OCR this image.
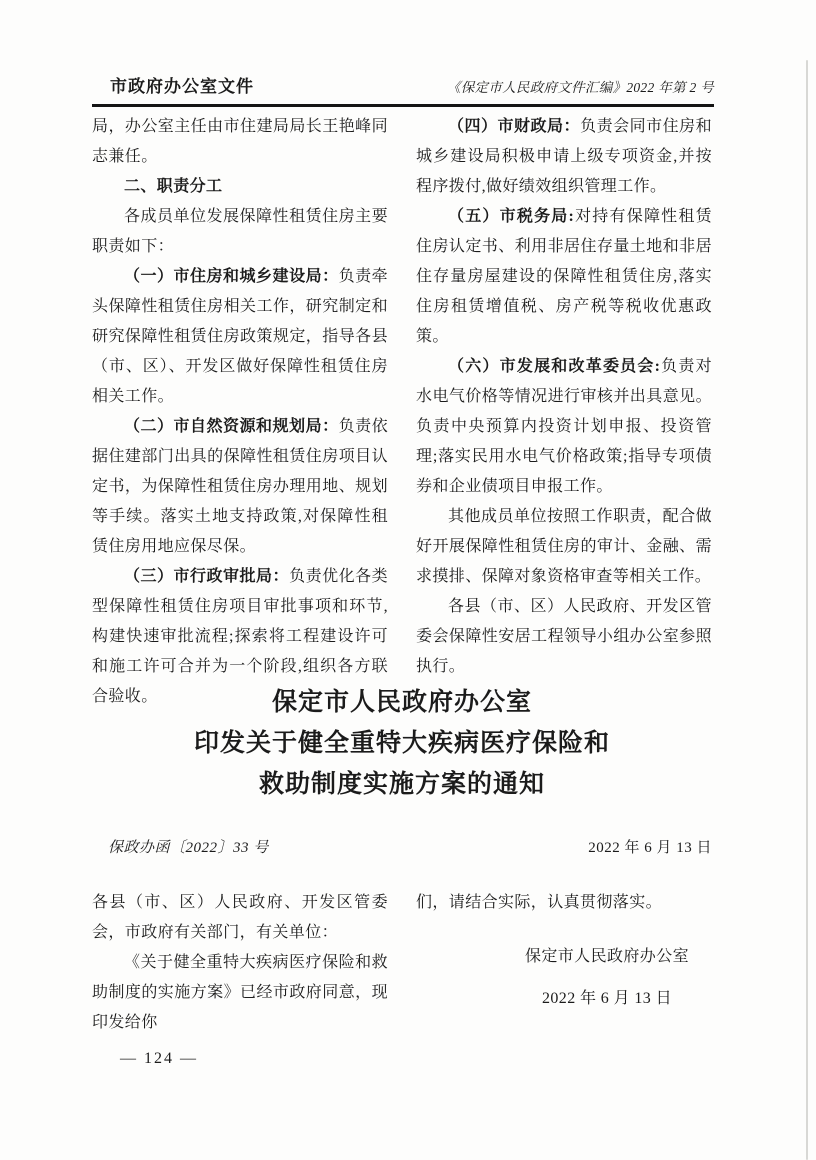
市政府办公室文件	《保定市人民政府文件汇编》2022 年第 2 号

局，办公室主任由市住建局局长王艳峰同志兼任。

二、职责分工

各成员单位发展保障性租赁住房主要职责如下：

（一）市住房和城乡建设局：负责牵头保障性租赁住房相关工作，研究制定和研究保障性租赁住房政策规定，指导各县（市、区）、开发区做好保障性租赁住房相关工作。

（二）市自然资源和规划局：负责依据住建部门出具的保障性租赁住房项目认定书，为保障性租赁住房办理用地、规划等手续。落实土地支持政策,对保障性租赁住房用地应保尽保。

（三）市行政审批局：负责优化各类型保障性租赁住房项目审批事项和环节,构建快速审批流程;探索将工程建设许可和施工许可合并为一个阶段,组织各方联合验收。

（四）市财政局：负责会同市住房和城乡建设局积极申请上级专项资金,并按程序拨付,做好绩效组织管理工作。

（五）市税务局:对持有保障性租赁住房认定书、利用非居住存量土地和非居住存量房屋建设的保障性租赁住房,落实住房租赁增值税、房产税等税收优惠政策。

（六）市发展和改革委员会:负责对水电气价格等情况进行审核并出具意见。负责中央预算内投资计划申报、投资管理;落实民用水电气价格政策;指导专项债券和企业债项目申报工作。

其他成员单位按照工作职责，配合做好开展保障性租赁住房的审计、金融、需求摸排、保障对象资格审查等相关工作。

各县（市、区）人民政府、开发区管委会保障性安居工程领导小组办公室参照执行。

保定市人民政府办公室
印发关于健全重特大疾病医疗保险和
救助制度实施方案的通知
保政办函〔2022〕33 号	2022 年 6 月 13 日

各县（市、区）人民政府、开发区管委会，市政府有关部门，有关单位：

《关于健全重特大疾病医疗保险和救助制度的实施方案》已经市政府同意，现印发给你

们，请结合实际，认真贯彻落实。

保定市人民政府办公室
2022 年 6 月 13 日
— 124 —
